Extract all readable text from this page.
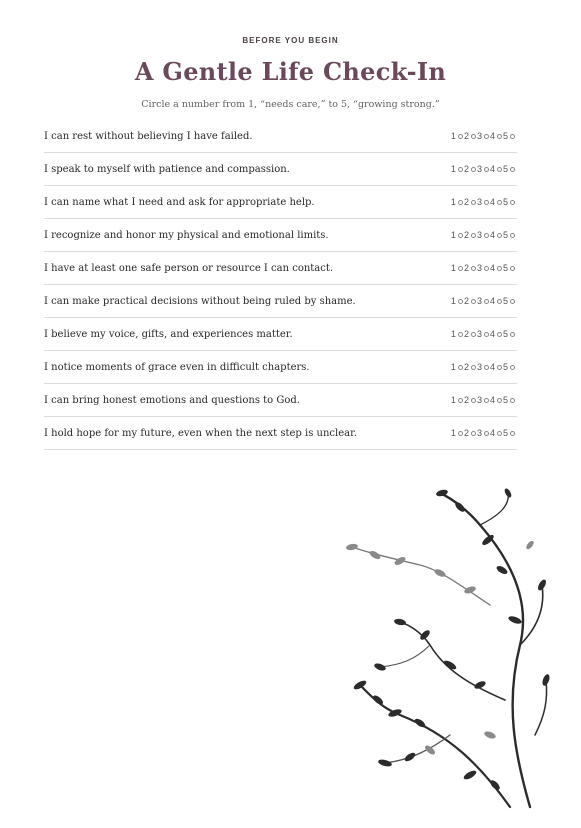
BEFORE YOU BEGIN
A Gentle Life Check-In
Circle a number from 1, “needs care,” to 5, “growing strong.”
I can rest without believing I have failed.	1 2 3 4 5
I speak to myself with patience and compassion.	1 2 3 4 5
I can name what I need and ask for appropriate help.	1 2 3 4 5
I recognize and honor my physical and emotional limits.	1 2 3 4 5
I have at least one safe person or resource I can contact.	1 2 3 4 5
I can make practical decisions without being ruled by shame.	1 2 3 4 5
I believe my voice, gifts, and experiences matter.	1 2 3 4 5
I notice moments of grace even in difficult chapters.	1 2 3 4 5
I can bring honest emotions and questions to God.	1 2 3 4 5
I hold hope for my future, even when the next step is unclear.	1 2 3 4 5
